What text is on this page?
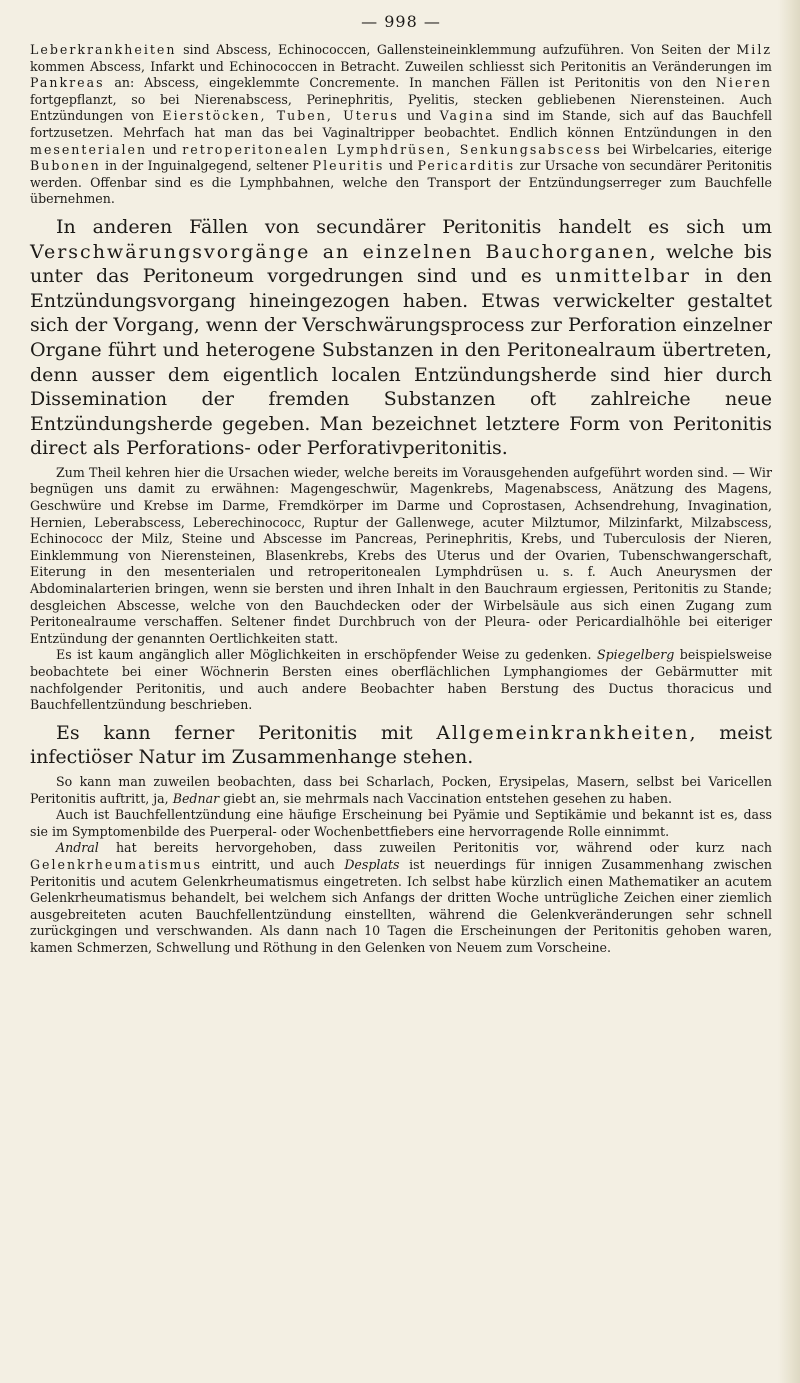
— 998 —

Leberkrankheiten sind Abscess, Echinococcen, Gallensteineinklemmung aufzuführen. Von Seiten der Milz kommen Abscess, Infarkt und Echinococcen in Betracht. Zuweilen schliesst sich Peritonitis an Veränderungen im Pankreas an: Abscess, eingeklemmte Concremente. In manchen Fällen ist Peritonitis von den Nieren fortgepflanzt, so bei Nierenabscess, Perinephritis, Pyelitis, stecken gebliebenen Nierensteinen. Auch Entzündungen von Eierstöcken, Tuben, Uterus und Vagina sind im Stande, sich auf das Bauchfell fortzusetzen. Mehrfach hat man das bei Vaginaltripper beobachtet. Endlich können Entzündungen in den mesenterialen und retroperitonealen Lymphdrüsen, Senkungsabscess bei Wirbelcaries, eiterige Bubonen in der Inguinalgegend, seltener Pleuritis und Pericarditis zur Ursache von secundärer Peritonitis werden. Offenbar sind es die Lymphbahnen, welche den Transport der Entzündungserreger zum Bauchfelle übernehmen.

In anderen Fällen von secundärer Peritonitis handelt es sich um Verschwärungsvorgänge an einzelnen Bauchorganen, welche bis unter das Peritoneum vorgedrungen sind und es unmittelbar in den Entzündungsvorgang hineingezogen haben. Etwas verwickelter gestaltet sich der Vorgang, wenn der Verschwärungsprocess zur Perforation einzelner Organe führt und heterogene Substanzen in den Peritonealraum übertreten, denn ausser dem eigentlich localen Entzündungsherde sind hier durch Dissemination der fremden Substanzen oft zahlreiche neue Entzündungsherde gegeben. Man bezeichnet letztere Form von Peritonitis direct als Perforations- oder Perforativperitonitis.

Zum Theil kehren hier die Ursachen wieder, welche bereits im Vorausgehenden aufgeführt worden sind. — Wir begnügen uns damit zu erwähnen: Magengeschwür, Magenkrebs, Magenabscess, Anätzung des Magens, Geschwüre und Krebse im Darme, Fremdkörper im Darme und Coprostasen, Achsendrehung, Invagination, Hernien, Leberabscess, Leberechinococc, Ruptur der Gallenwege, acuter Milztumor, Milzinfarkt, Milzabscess, Echinococc der Milz, Steine und Abscesse im Pancreas, Perinephritis, Krebs, und Tuberculosis der Nieren, Einklemmung von Nierensteinen, Blasenkrebs, Krebs des Uterus und der Ovarien, Tubenschwangerschaft, Eiterung in den mesenterialen und retroperitonealen Lymphdrüsen u. s. f. Auch Aneurysmen der Abdominalarterien bringen, wenn sie bersten und ihren Inhalt in den Bauchraum ergiessen, Peritonitis zu Stande; desgleichen Abscesse, welche von den Bauchdecken oder der Wirbelsäule aus sich einen Zugang zum Peritonealraume verschaffen. Seltener findet Durchbruch von der Pleura- oder Pericardialhöhle bei eiteriger Entzündung der genannten Oertlichkeiten statt.

Es ist kaum angänglich aller Möglichkeiten in erschöpfender Weise zu gedenken. Spiegelberg beispielsweise beobachtete bei einer Wöchnerin Bersten eines oberflächlichen Lymphangiomes der Gebärmutter mit nachfolgender Peritonitis, und auch andere Beobachter haben Berstung des Ductus thoracicus und Bauchfellentzündung beschrieben.

Es kann ferner Peritonitis mit Allgemeinkrankheiten, meist infectiöser Natur im Zusammenhange stehen.

So kann man zuweilen beobachten, dass bei Scharlach, Pocken, Erysipelas, Masern, selbst bei Varicellen Peritonitis auftritt, ja, Bednar giebt an, sie mehrmals nach Vaccination entstehen gesehen zu haben.

Auch ist Bauchfellentzündung eine häufige Erscheinung bei Pyämie und Septikämie und bekannt ist es, dass sie im Symptomenbilde des Puerperal- oder Wochenbettfiebers eine hervorragende Rolle einnimmt.

Andral hat bereits hervorgehoben, dass zuweilen Peritonitis vor, während oder kurz nach Gelenkrheumatismus eintritt, und auch Desplats ist neuerdings für innigen Zusammenhang zwischen Peritonitis und acutem Gelenkrheumatismus eingetreten. Ich selbst habe kürzlich einen Mathematiker an acutem Gelenkrheumatismus behandelt, bei welchem sich Anfangs der dritten Woche untrügliche Zeichen einer ziemlich ausgebreiteten acuten Bauchfellentzündung einstellten, während die Gelenkveränderungen sehr schnell zurückgingen und verschwanden. Als dann nach 10 Tagen die Erscheinungen der Peritonitis gehoben waren, kamen Schmerzen, Schwellung und Röthung in den Gelenken von Neuem zum Vorscheine.
